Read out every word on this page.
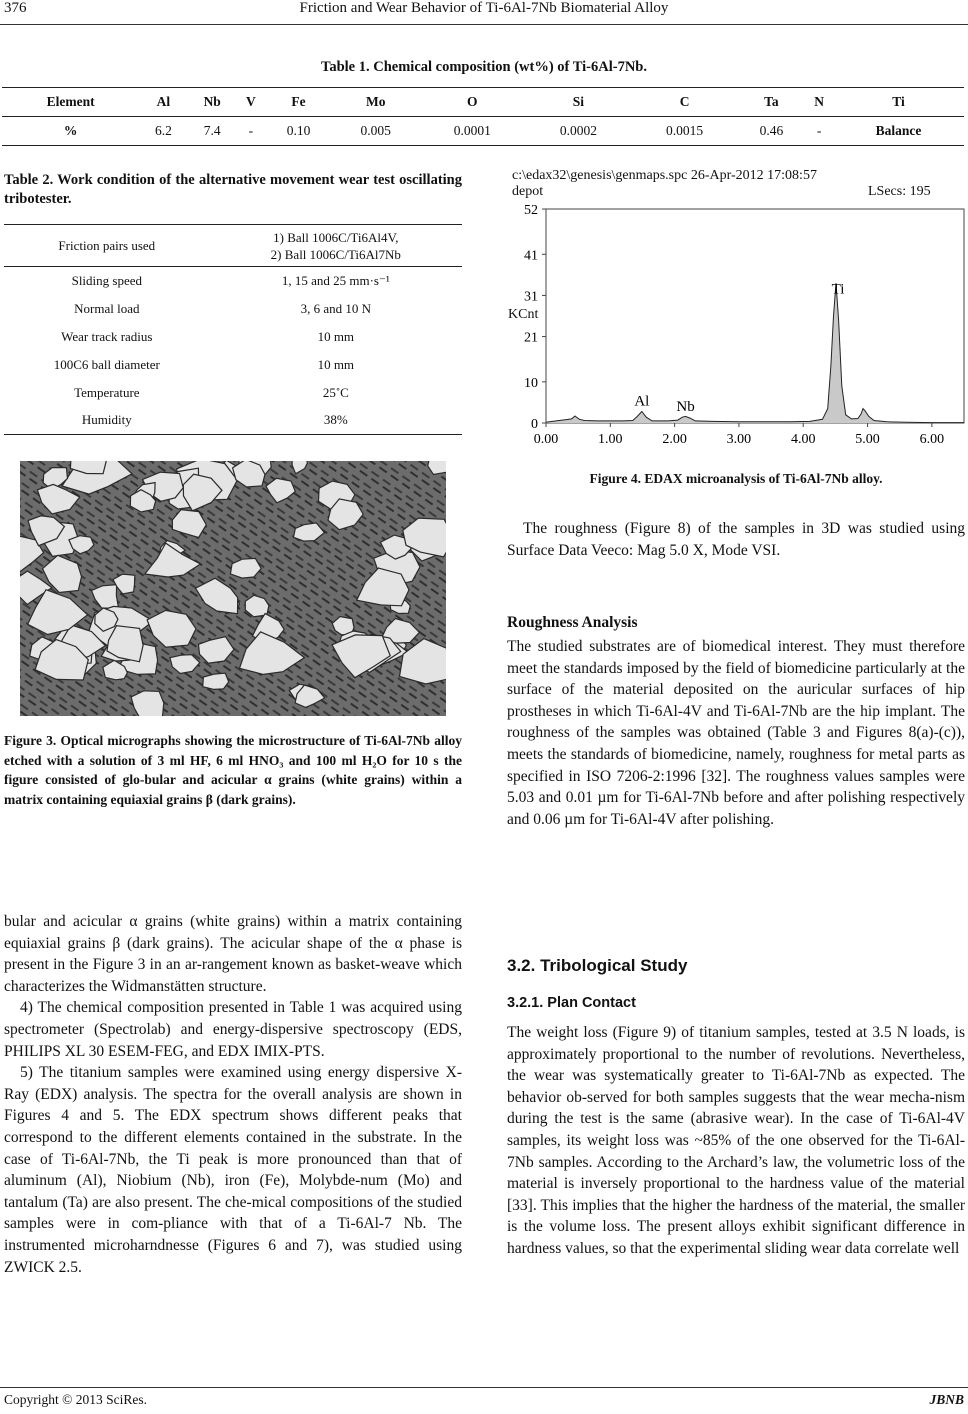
376	Friction and Wear Behavior of Ti-6Al-7Nb Biomaterial Alloy
Table 1. Chemical composition (wt%) of Ti-6Al-7Nb.
Element	Al	Nb	V	Fe	Mo	O	Si	C	Ta	N	Ti
%	6.2	7.4	-	0.10	0.005	0.0001	0.0002	0.0015	0.46	-	Balance
Table 2. Work condition of the alternative movement wear test oscillating tribotester.
Friction pairs used	1) Ball 1006C/Ti6Al4V,
2) Ball 1006C/Ti6Al7Nb
Sliding speed	1, 15 and 25 mm·s⁻¹
Normal load	3, 6 and 10 N
Wear track radius	10 mm
100C6 ball diameter	10 mm
Temperature	25˚C
Humidity	38%
Figure 3. Optical micrographs showing the microstructure of Ti-6Al-7Nb alloy etched with a solution of 3 ml HF, 6 ml HNO₃ and 100 ml H₂O for 10 s the figure consisted of glo-bular and acicular α grains (white grains) within a matrix containing equiaxial grains β (dark grains).

bular and acicular α grains (white grains) within a matrix containing equiaxial grains β (dark grains). The acicular shape of the α phase is present in the Figure 3 in an ar-rangement known as basket-weave which characterizes the Widmanstätten structure.

4) The chemical composition presented in Table 1 was acquired using spectrometer (Spectrolab) and energy-dispersive spectroscopy (EDS, PHILIPS XL 30 ESEM-FEG, and EDX IMIX-PTS.

5) The titanium samples were examined using energy dispersive X-Ray (EDX) analysis. The spectra for the overall analysis are shown in Figures 4 and 5. The EDX spectrum shows different peaks that correspond to the different elements contained in the substrate. In the case of Ti-6Al-7Nb, the Ti peak is more pronounced than that of aluminum (Al), Niobium (Nb), iron (Fe), Molybde-num (Mo) and tantalum (Ta) are also present. The che-mical compositions of the studied samples were in com-pliance with that of a Ti-6Al-7 Nb. The instrumented microharndnesse (Figures 6 and 7), was studied using ZWICK 2.5.

c:\edax32\genesis\genmaps.spc 26-Apr-2012 17:08:57
depot	LSecs: 195
KCnt
0
10
21
31
41
52
0.00	1.00	2.00	3.00	4.00	5.00	6.00
Al Nb
Ti
Figure 4. EDAX microanalysis of Ti-6Al-7Nb alloy.

The roughness (Figure 8) of the samples in 3D was studied using Surface Data Veeco: Mag 5.0 X, Mode VSI.

Roughness Analysis

The studied substrates are of biomedical interest. They must therefore meet the standards imposed by the field of biomedicine particularly at the surface of the material deposited on the auricular surfaces of hip prostheses in which Ti-6Al-4V and Ti-6Al-7Nb are the hip implant. The roughness of the samples was obtained (Table 3 and Figures 8(a)-(c)), meets the standards of biomedicine, namely, roughness for metal parts as specified in ISO 7206-2:1996 [32]. The roughness values samples were 5.03 and 0.01 µm for Ti-6Al-7Nb before and after polishing respectively and 0.06 µm for Ti-6Al-4V after polishing.

3.2. Tribological Study
3.2.1. Plan Contact

The weight loss (Figure 9) of titanium samples, tested at 3.5 N loads, is approximately proportional to the number of revolutions. Nevertheless, the wear was systematically greater to Ti-6Al-7Nb as expected. The behavior ob-served for both samples suggests that the wear mecha-nism during the test is the same (abrasive wear). In the case of Ti-6Al-4V samples, its weight loss was ~85% of the one observed for the Ti-6Al-7Nb samples. According to the Archard’s law, the volumetric loss of the material is inversely proportional to the hardness value of the material [33]. This implies that the higher the hardness of the material, the smaller is the volume loss. The present alloys exhibit significant difference in hardness values, so that the experimental sliding wear data correlate well

Copyright © 2013 SciRes.	JBNB
